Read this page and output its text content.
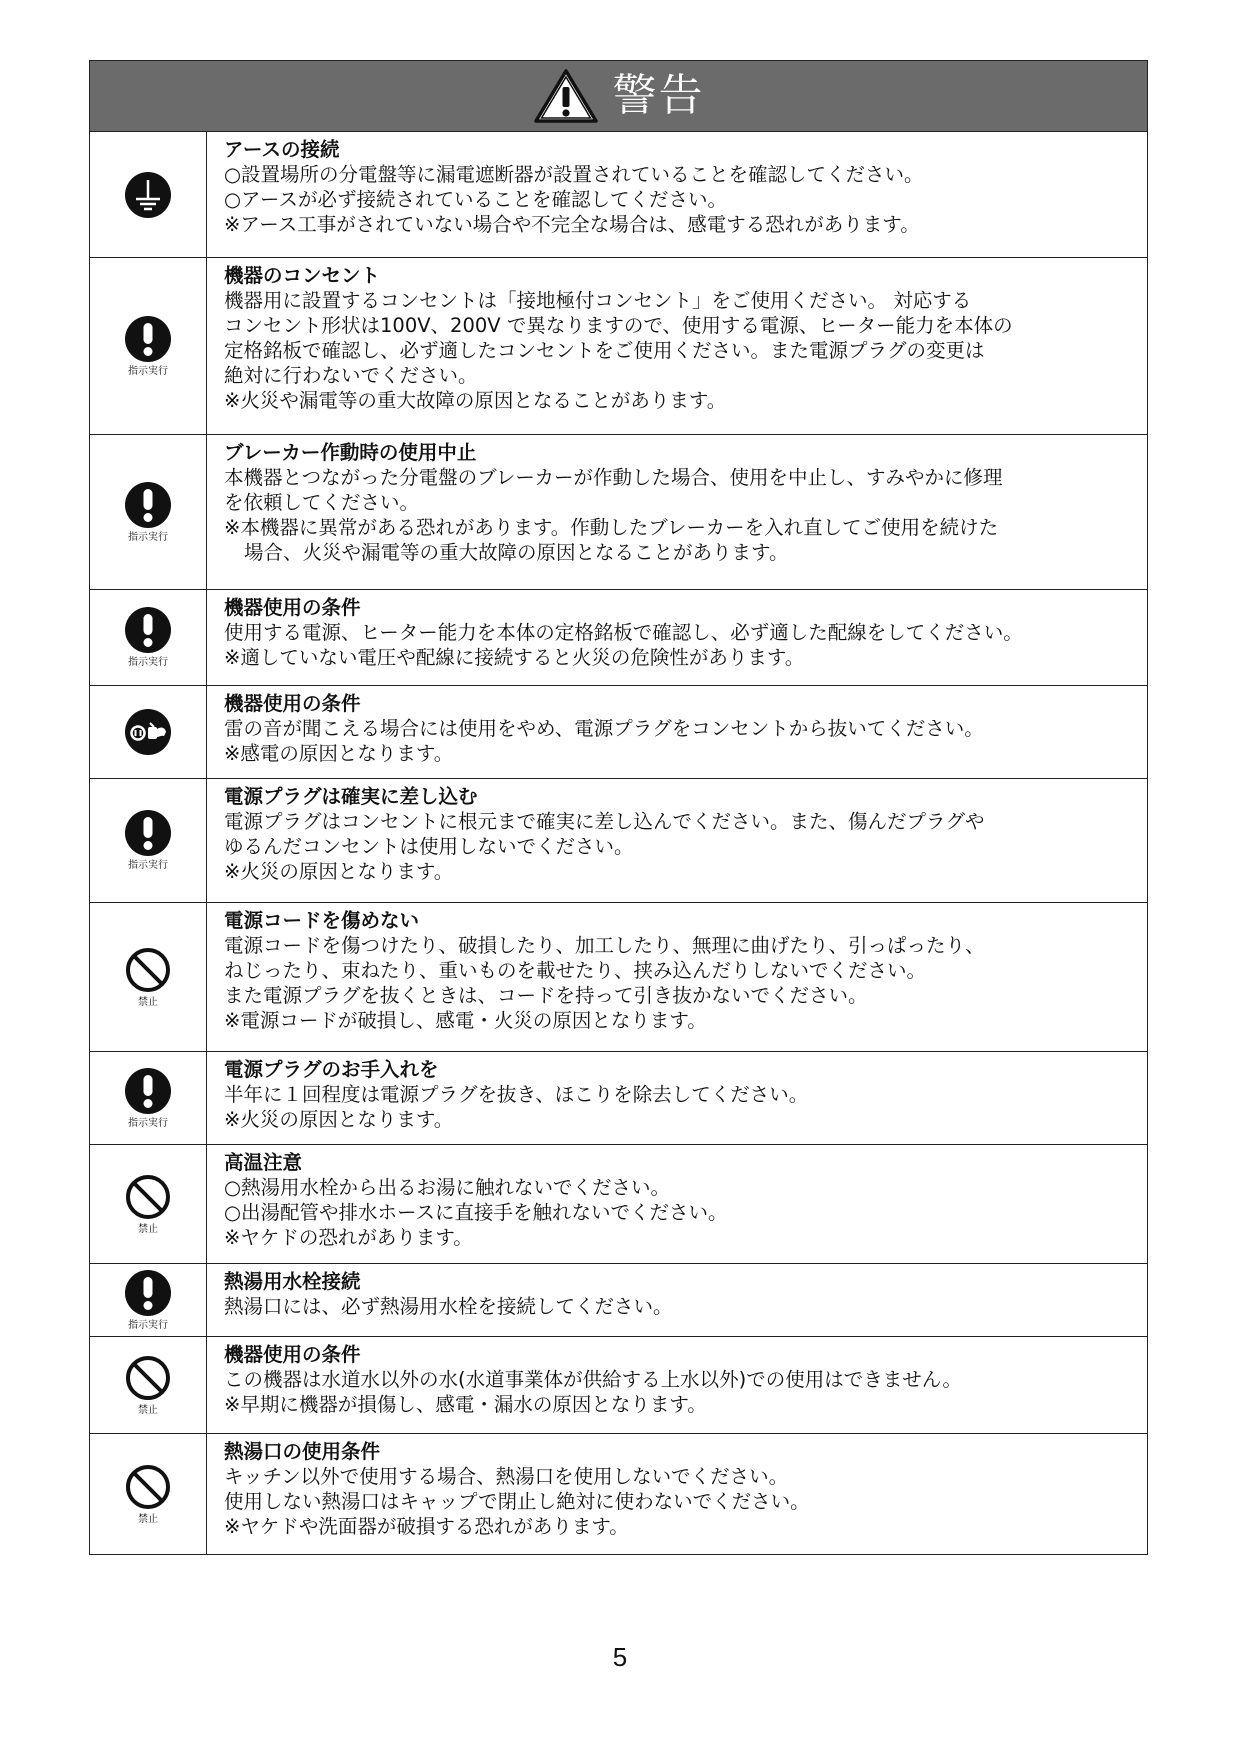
警告
アースの接続
○設置場所の分電盤等に漏電遮断器が設置されていることを確認してください。
○アースが必ず接続されていることを確認してください。
※アース工事がされていない場合や不完全な場合は、感電する恐れがあります。
指示実行
機器のコンセント
機器用に設置するコンセントは「接地極付コンセント」をご使用ください。 対応する
コンセント形状は100V、200V で異なりますので、使用する電源、ヒーター能力を本体の
定格銘板で確認し、必ず適したコンセントをご使用ください。また電源プラグの変更は
絶対に行わないでください。
※火災や漏電等の重大故障の原因となることがあります。
指示実行
ブレーカー作動時の使用中止
本機器とつながった分電盤のブレーカーが作動した場合、使用を中止し、すみやかに修理
を依頼してください。
※本機器に異常がある恐れがあります。作動したブレーカーを入れ直してご使用を続けた
場合、火災や漏電等の重大故障の原因となることがあります。
指示実行
機器使用の条件
使用する電源、ヒーター能力を本体の定格銘板で確認し、必ず適した配線をしてください。
※適していない電圧や配線に接続すると火災の危険性があります。
機器使用の条件
雷の音が聞こえる場合には使用をやめ、電源プラグをコンセントから抜いてください。
※感電の原因となります。
指示実行
電源プラグは確実に差し込む
電源プラグはコンセントに根元まで確実に差し込んでください。また、傷んだプラグや
ゆるんだコンセントは使用しないでください。
※火災の原因となります。
禁止
電源コードを傷めない
電源コードを傷つけたり、破損したり、加工したり、無理に曲げたり、引っぱったり、
ねじったり、束ねたり、重いものを載せたり、挟み込んだりしないでください。
また電源プラグを抜くときは、コードを持って引き抜かないでください。
※電源コードが破損し、感電・火災の原因となります。
指示実行
電源プラグのお手入れを
半年に１回程度は電源プラグを抜き、ほこりを除去してください。
※火災の原因となります。
禁止
高温注意
○熱湯用水栓から出るお湯に触れないでください。
○出湯配管や排水ホースに直接手を触れないでください。
※ヤケドの恐れがあります。
指示実行
熱湯用水栓接続
熱湯口には、必ず熱湯用水栓を接続してください。
禁止
機器使用の条件
この機器は水道水以外の水(水道事業体が供給する上水以外)での使用はできません。
※早期に機器が損傷し、感電・漏水の原因となります。
禁止
熱湯口の使用条件
キッチン以外で使用する場合、熱湯口を使用しないでください。
使用しない熱湯口はキャップで閉止し絶対に使わないでください。
※ヤケドや洗面器が破損する恐れがあります。
5
